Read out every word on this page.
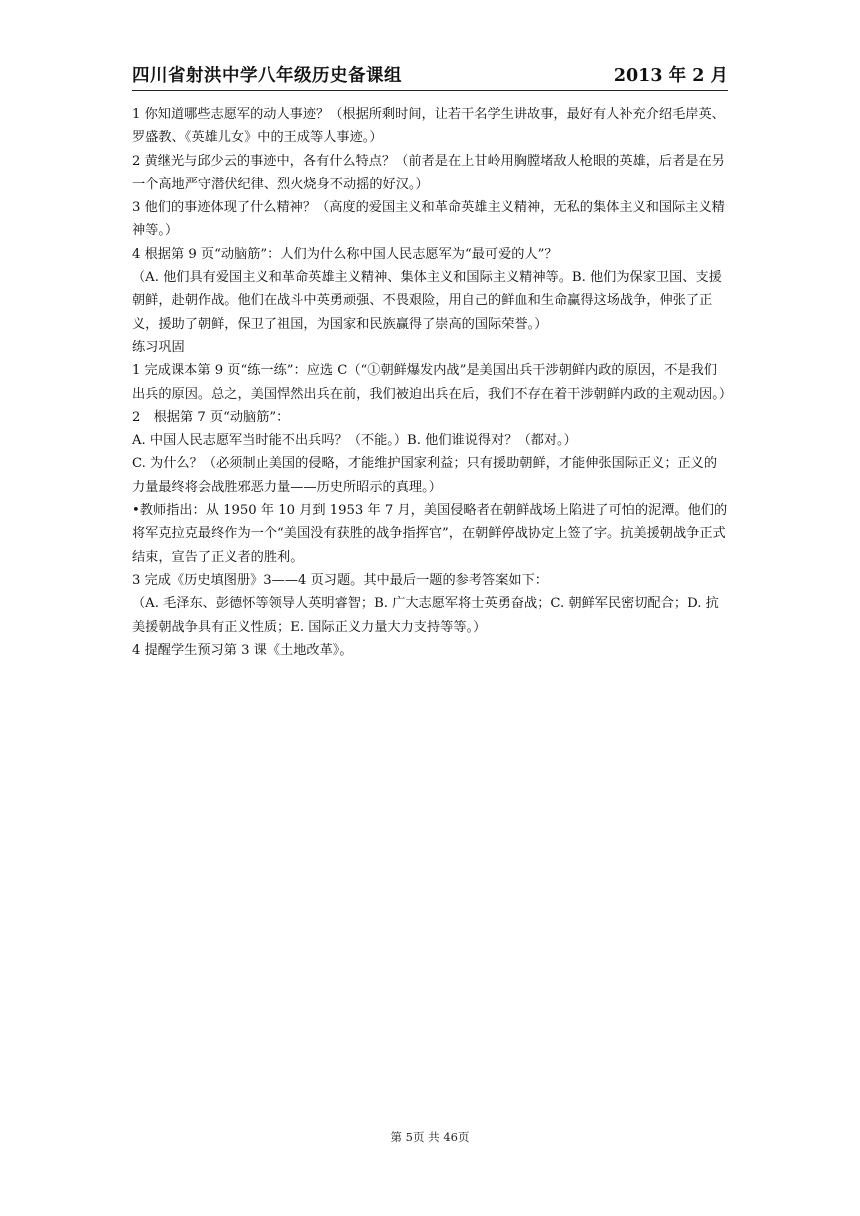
四川省射洪中学八年级历史备课组	2013 年 2 月

1 你知道哪些志愿军的动人事迹？（根据所剩时间，让若干名学生讲故事，最好有人补充介绍毛岸英、罗盛教、《英雄儿女》中的王成等人事迹。）

2 黄继光与邱少云的事迹中，各有什么特点？（前者是在上甘岭用胸膛堵敌人枪眼的英雄，后者是在另一个高地严守潜伏纪律、烈火烧身不动摇的好汉。）

3 他们的事迹体现了什么精神？（高度的爱国主义和革命英雄主义精神，无私的集体主义和国际主义精神等。）

4 根据第 9 页“动脑筋”：人们为什么称中国人民志愿军为“最可爱的人”？

（A. 他们具有爱国主义和革命英雄主义精神、集体主义和国际主义精神等。B. 他们为保家卫国、支援朝鲜，赴朝作战。他们在战斗中英勇顽强、不畏艰险，用自己的鲜血和生命赢得这场战争，伸张了正义，援助了朝鲜，保卫了祖国，为国家和民族赢得了崇高的国际荣誉。）

练习巩固

1 完成课本第 9 页“练一练”：应选 C（“①朝鲜爆发内战”是美国出兵干涉朝鲜内政的原因，不是我们出兵的原因。总之，美国悍然出兵在前，我们被迫出兵在后，我们不存在着干涉朝鲜内政的主观动因。）

2　根据第 7 页“动脑筋”：

A. 中国人民志愿军当时能不出兵吗？（不能。）B. 他们谁说得对？（都对。）

C. 为什么？（必须制止美国的侵略，才能维护国家利益；只有援助朝鲜，才能伸张国际正义；正义的力量最终将会战胜邪恶力量——历史所昭示的真理。）

•教师指出：从 1950 年 10 月到 1953 年 7 月，美国侵略者在朝鲜战场上陷进了可怕的泥潭。他们的将军克拉克最终作为一个“美国没有获胜的战争指挥官”，在朝鲜停战协定上签了字。抗美援朝战争正式结束，宣告了正义者的胜利。

3 完成《历史填图册》3——4 页习题。其中最后一题的参考答案如下：

（A. 毛泽东、彭德怀等领导人英明睿智；B. 广大志愿军将士英勇奋战；C. 朝鲜军民密切配合；D. 抗美援朝战争具有正义性质；E. 国际正义力量大力支持等等。）

4 提醒学生预习第 3 课《土地改革》。

第 5页 共 46页
